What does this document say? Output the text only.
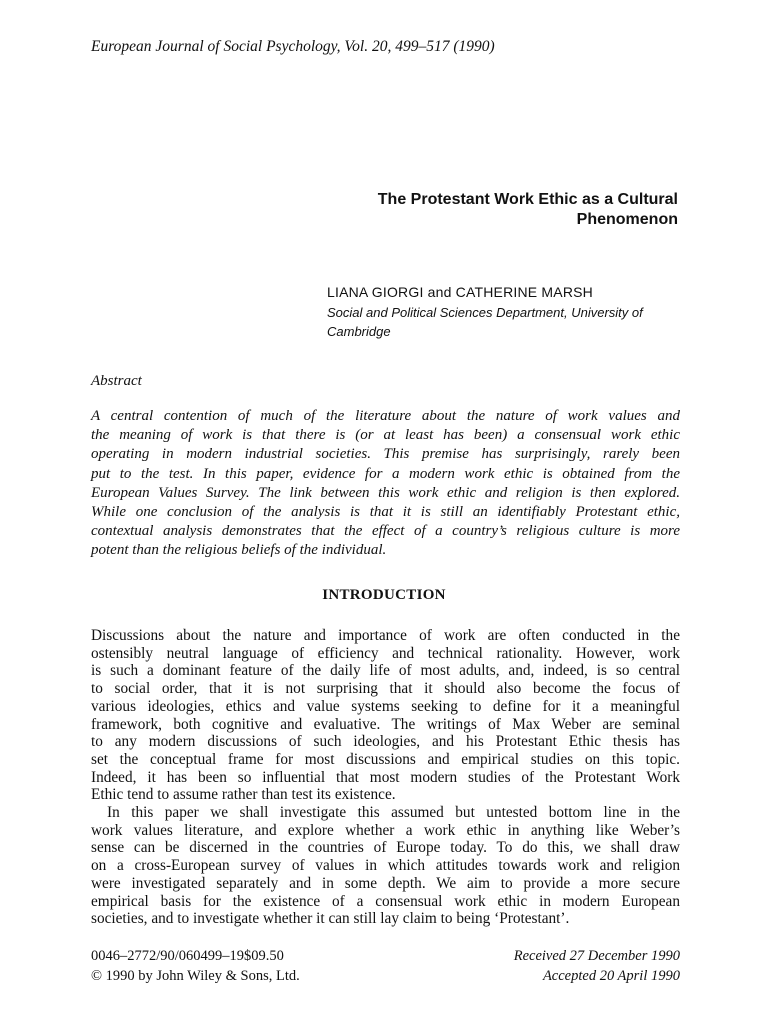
European Journal of Social Psychology, Vol. 20, 499–517 (1990)
The Protestant Work Ethic as a Cultural
Phenomenon
LIANA GIORGI and CATHERINE MARSH
Social and Political Sciences Department, University of
Cambridge
Abstract
A central contention of much of the literature about the nature of work values and
the meaning of work is that there is (or at least has been) a consensual work ethic
operating in modern industrial societies. This premise has surprisingly, rarely been
put to the test. In this paper, evidence for a modern work ethic is obtained from the
European Values Survey. The link between this work ethic and religion is then explored.
While one conclusion of the analysis is that it is still an identifiably Protestant ethic,
contextual analysis demonstrates that the effect of a country’s religious culture is more
potent than the religious beliefs of the individual.
INTRODUCTION
Discussions about the nature and importance of work are often conducted in the
ostensibly neutral language of efficiency and technical rationality. However, work
is such a dominant feature of the daily life of most adults, and, indeed, is so central
to social order, that it is not surprising that it should also become the focus of
various ideologies, ethics and value systems seeking to define for it a meaningful
framework, both cognitive and evaluative. The writings of Max Weber are seminal
to any modern discussions of such ideologies, and his Protestant Ethic thesis has
set the conceptual frame for most discussions and empirical studies on this topic.
Indeed, it has been so influential that most modern studies of the Protestant Work
Ethic tend to assume rather than test its existence.
In this paper we shall investigate this assumed but untested bottom line in the
work values literature, and explore whether a work ethic in anything like Weber’s
sense can be discerned in the countries of Europe today. To do this, we shall draw
on a cross-European survey of values in which attitudes towards work and religion
were investigated separately and in some depth. We aim to provide a more secure
empirical basis for the existence of a consensual work ethic in modern European
societies, and to investigate whether it can still lay claim to being ‘Protestant’.
0046–2772/90/060499–19$09.50
© 1990 by John Wiley & Sons, Ltd.
Received 27 December 1990
Accepted 20 April 1990
